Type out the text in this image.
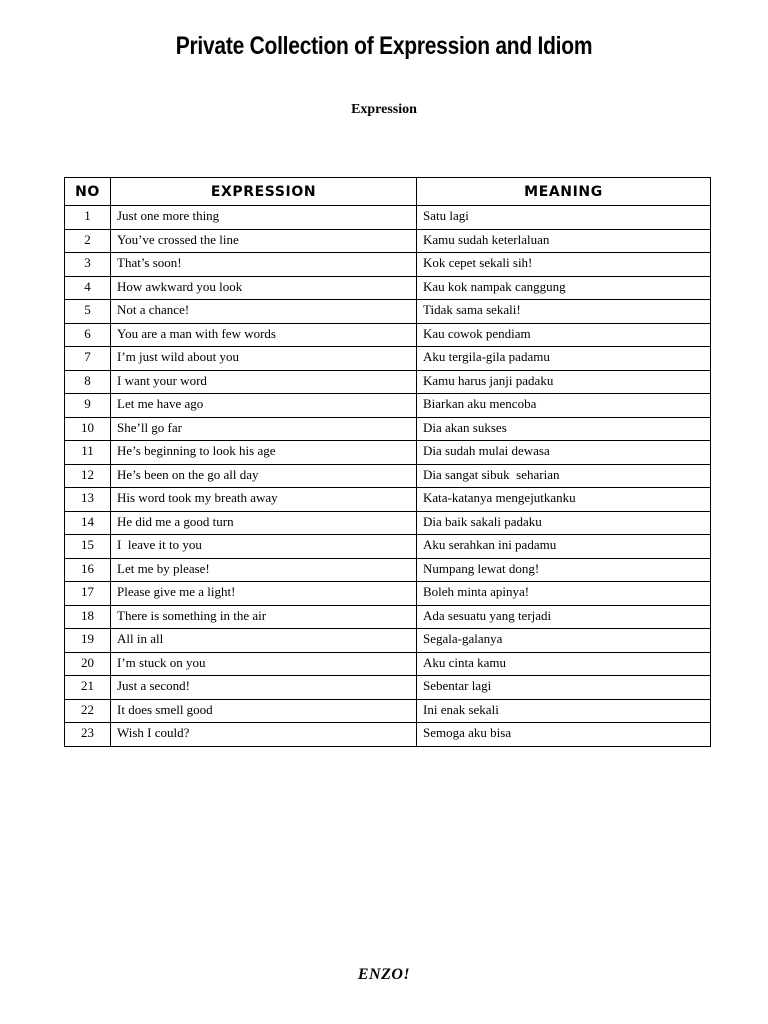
Private Collection of Expression and Idiom
Expression
NO	EXPRESSION	MEANING
1	Just one more thing	Satu lagi
2	You’ve crossed the line	Kamu sudah keterlaluan
3	That’s soon!	Kok cepet sekali sih!
4	How awkward you look	Kau kok nampak canggung
5	Not a chance!	Tidak sama sekali!
6	You are a man with few words	Kau cowok pendiam
7	I’m just wild about you	Aku tergila-gila padamu
8	I want your word	Kamu harus janji padaku
9	Let me have ago	Biarkan aku mencoba
10	She’ll go far	Dia akan sukses
11	He’s beginning to look his age	Dia sudah mulai dewasa
12	He’s been on the go all day	Dia sangat sibuk  seharian
13	His word took my breath away	Kata-katanya mengejutkanku
14	He did me a good turn	Dia baik sakali padaku
15	I  leave it to you	Aku serahkan ini padamu
16	Let me by please!	Numpang lewat dong!
17	Please give me a light!	Boleh minta apinya!
18	There is something in the air	Ada sesuatu yang terjadi
19	All in all	Segala-galanya
20	I’m stuck on you	Aku cinta kamu
21	Just a second!	Sebentar lagi
22	It does smell good	Ini enak sekali
23	Wish I could?	Semoga aku bisa

ENZO!
